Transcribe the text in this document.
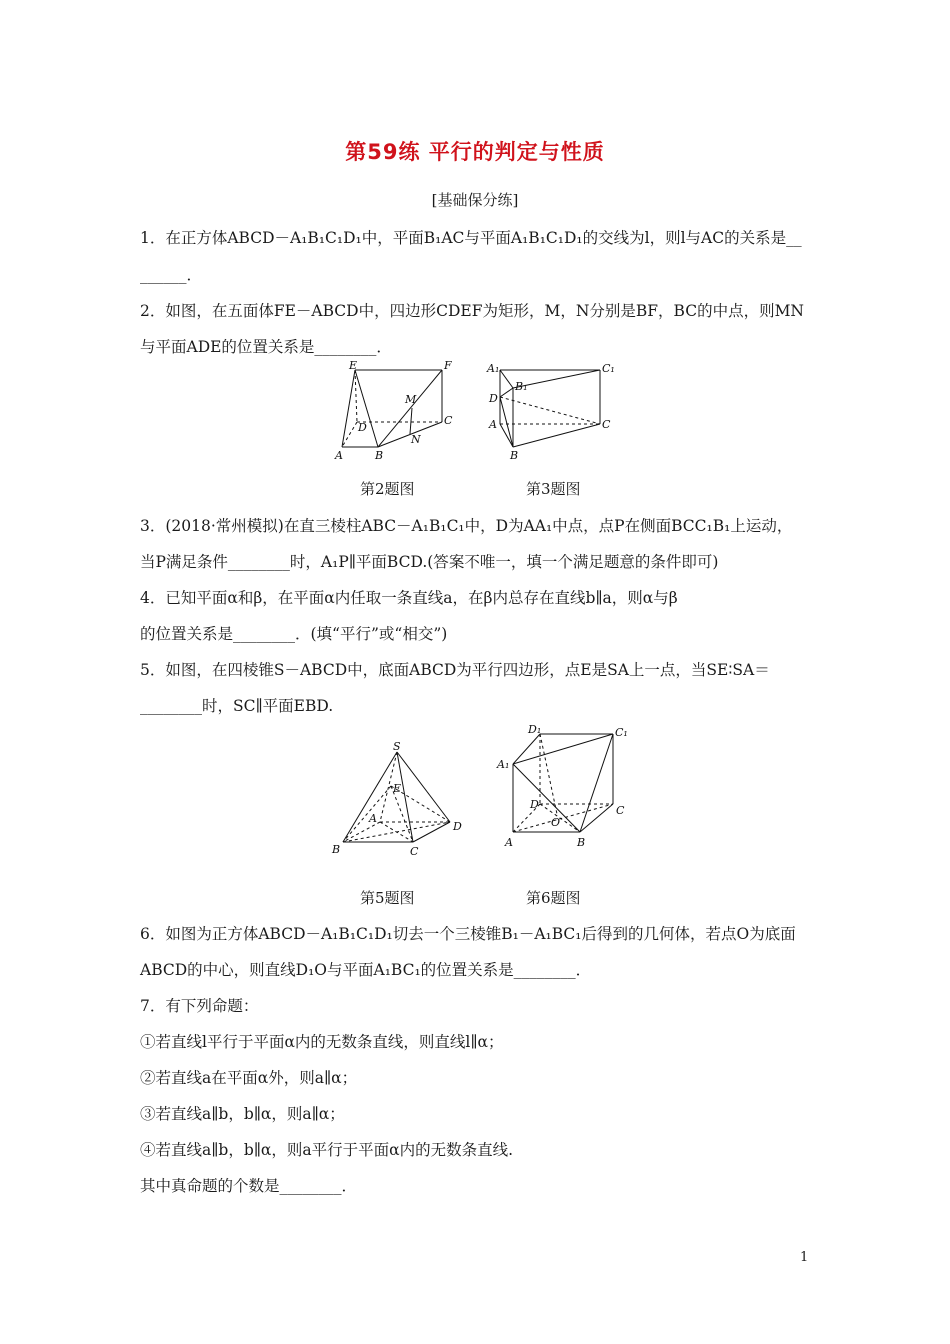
第59练 平行的判定与性质
[基础保分练]
1．在正方体ABCD－A₁B₁C₁D₁中，平面B₁AC与平面A₁B₁C₁D₁的交线为l，则l与AC的关系是__
______．
2．如图，在五面体FE－ABCD中，四边形CDEF为矩形，M，N分别是BF，BC的中点，则MN
与平面ADE的位置关系是________．
E	F
M
D
C
N
A	B
第2题图
A₁
B₁
C₁
D
A	C
B
第3题图
3．(2018·常州模拟)在直三棱柱ABC－A₁B₁C₁中，D为AA₁中点，点P在侧面BCC₁B₁上运动，
当P满足条件________时，A₁P∥平面BCD.(答案不唯一，填一个满足题意的条件即可)
4．已知平面α和β，在平面α内任取一条直线a，在β内总存在直线b∥a，则α与β
的位置关系是________．(填“平行”或“相交”)
5．如图，在四棱锥S－ABCD中，底面ABCD为平行四边形，点E是SA上一点，当SE∶SA＝
________时，SC∥平面EBD.
S
E
A
D
B	C
第5题图
D₁	C₁
A₁
D	C
O
A	B
第6题图
6．如图为正方体ABCD－A₁B₁C₁D₁切去一个三棱锥B₁－A₁BC₁后得到的几何体，若点O为底面
ABCD的中心，则直线D₁O与平面A₁BC₁的位置关系是________．
7．有下列命题：
①若直线l平行于平面α内的无数条直线，则直线l∥α；
②若直线a在平面α外，则a∥α；
③若直线a∥b，b∥α，则a∥α；
④若直线a∥b，b∥α，则a平行于平面α内的无数条直线.
其中真命题的个数是________．
1
